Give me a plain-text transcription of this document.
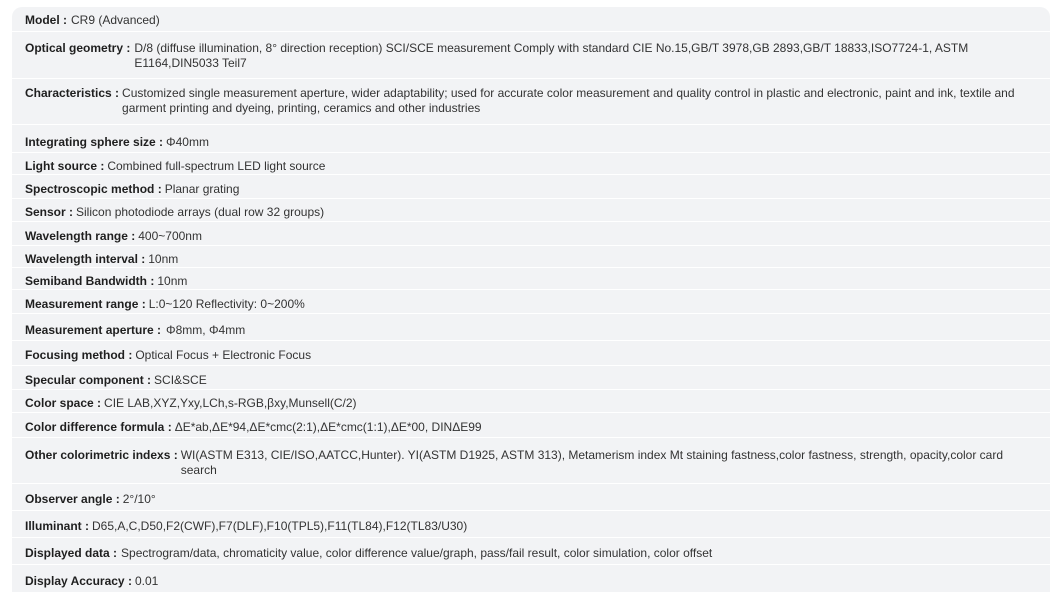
Model : CR9 (Advanced)
Optical geometry : D/8 (diffuse illumination, 8° direction reception) SCI/SCE measurement Comply with standard CIE No.15,GB/T 3978,GB 2893,GB/T 18833,ISO7724-1, ASTM E1164,DIN5033 Teil7
Characteristics : Customized single measurement aperture, wider adaptability; used for accurate color measurement and quality control in plastic and electronic, paint and ink, textile and garment printing and dyeing, printing, ceramics and other industries
Integrating sphere size : Φ40mm
Light source : Combined full-spectrum LED light source
Spectroscopic method : Planar grating
Sensor : Silicon photodiode arrays (dual row 32 groups)
Wavelength range : 400~700nm
Wavelength interval : 10nm
Semiband Bandwidth : 10nm
Measurement range : L:0~120 Reflectivity: 0~200%
Measurement aperture : Φ8mm, Φ4mm
Focusing method : Optical Focus + Electronic Focus
Specular component : SCI&SCE
Color space : CIE LAB,XYZ,Yxy,LCh,s-RGB,βxy,Munsell(C/2)
Color difference formula : ΔE*ab,ΔE*94,ΔE*cmc(2:1),ΔE*cmc(1:1),ΔE*00, DINΔE99
Other colorimetric indexs : WI(ASTM E313, CIE/ISO,AATCC,Hunter). YI(ASTM D1925, ASTM 313), Metamerism index Mt staining fastness,color fastness, strength, opacity,color card search
Observer angle : 2°/10°
Illuminant : D65,A,C,D50,F2(CWF),F7(DLF),F10(TPL5),F11(TL84),F12(TL83/U30)
Displayed data : Spectrogram/data, chromaticity value, color difference value/graph, pass/fail result, color simulation, color offset
Display Accuracy : 0.01
